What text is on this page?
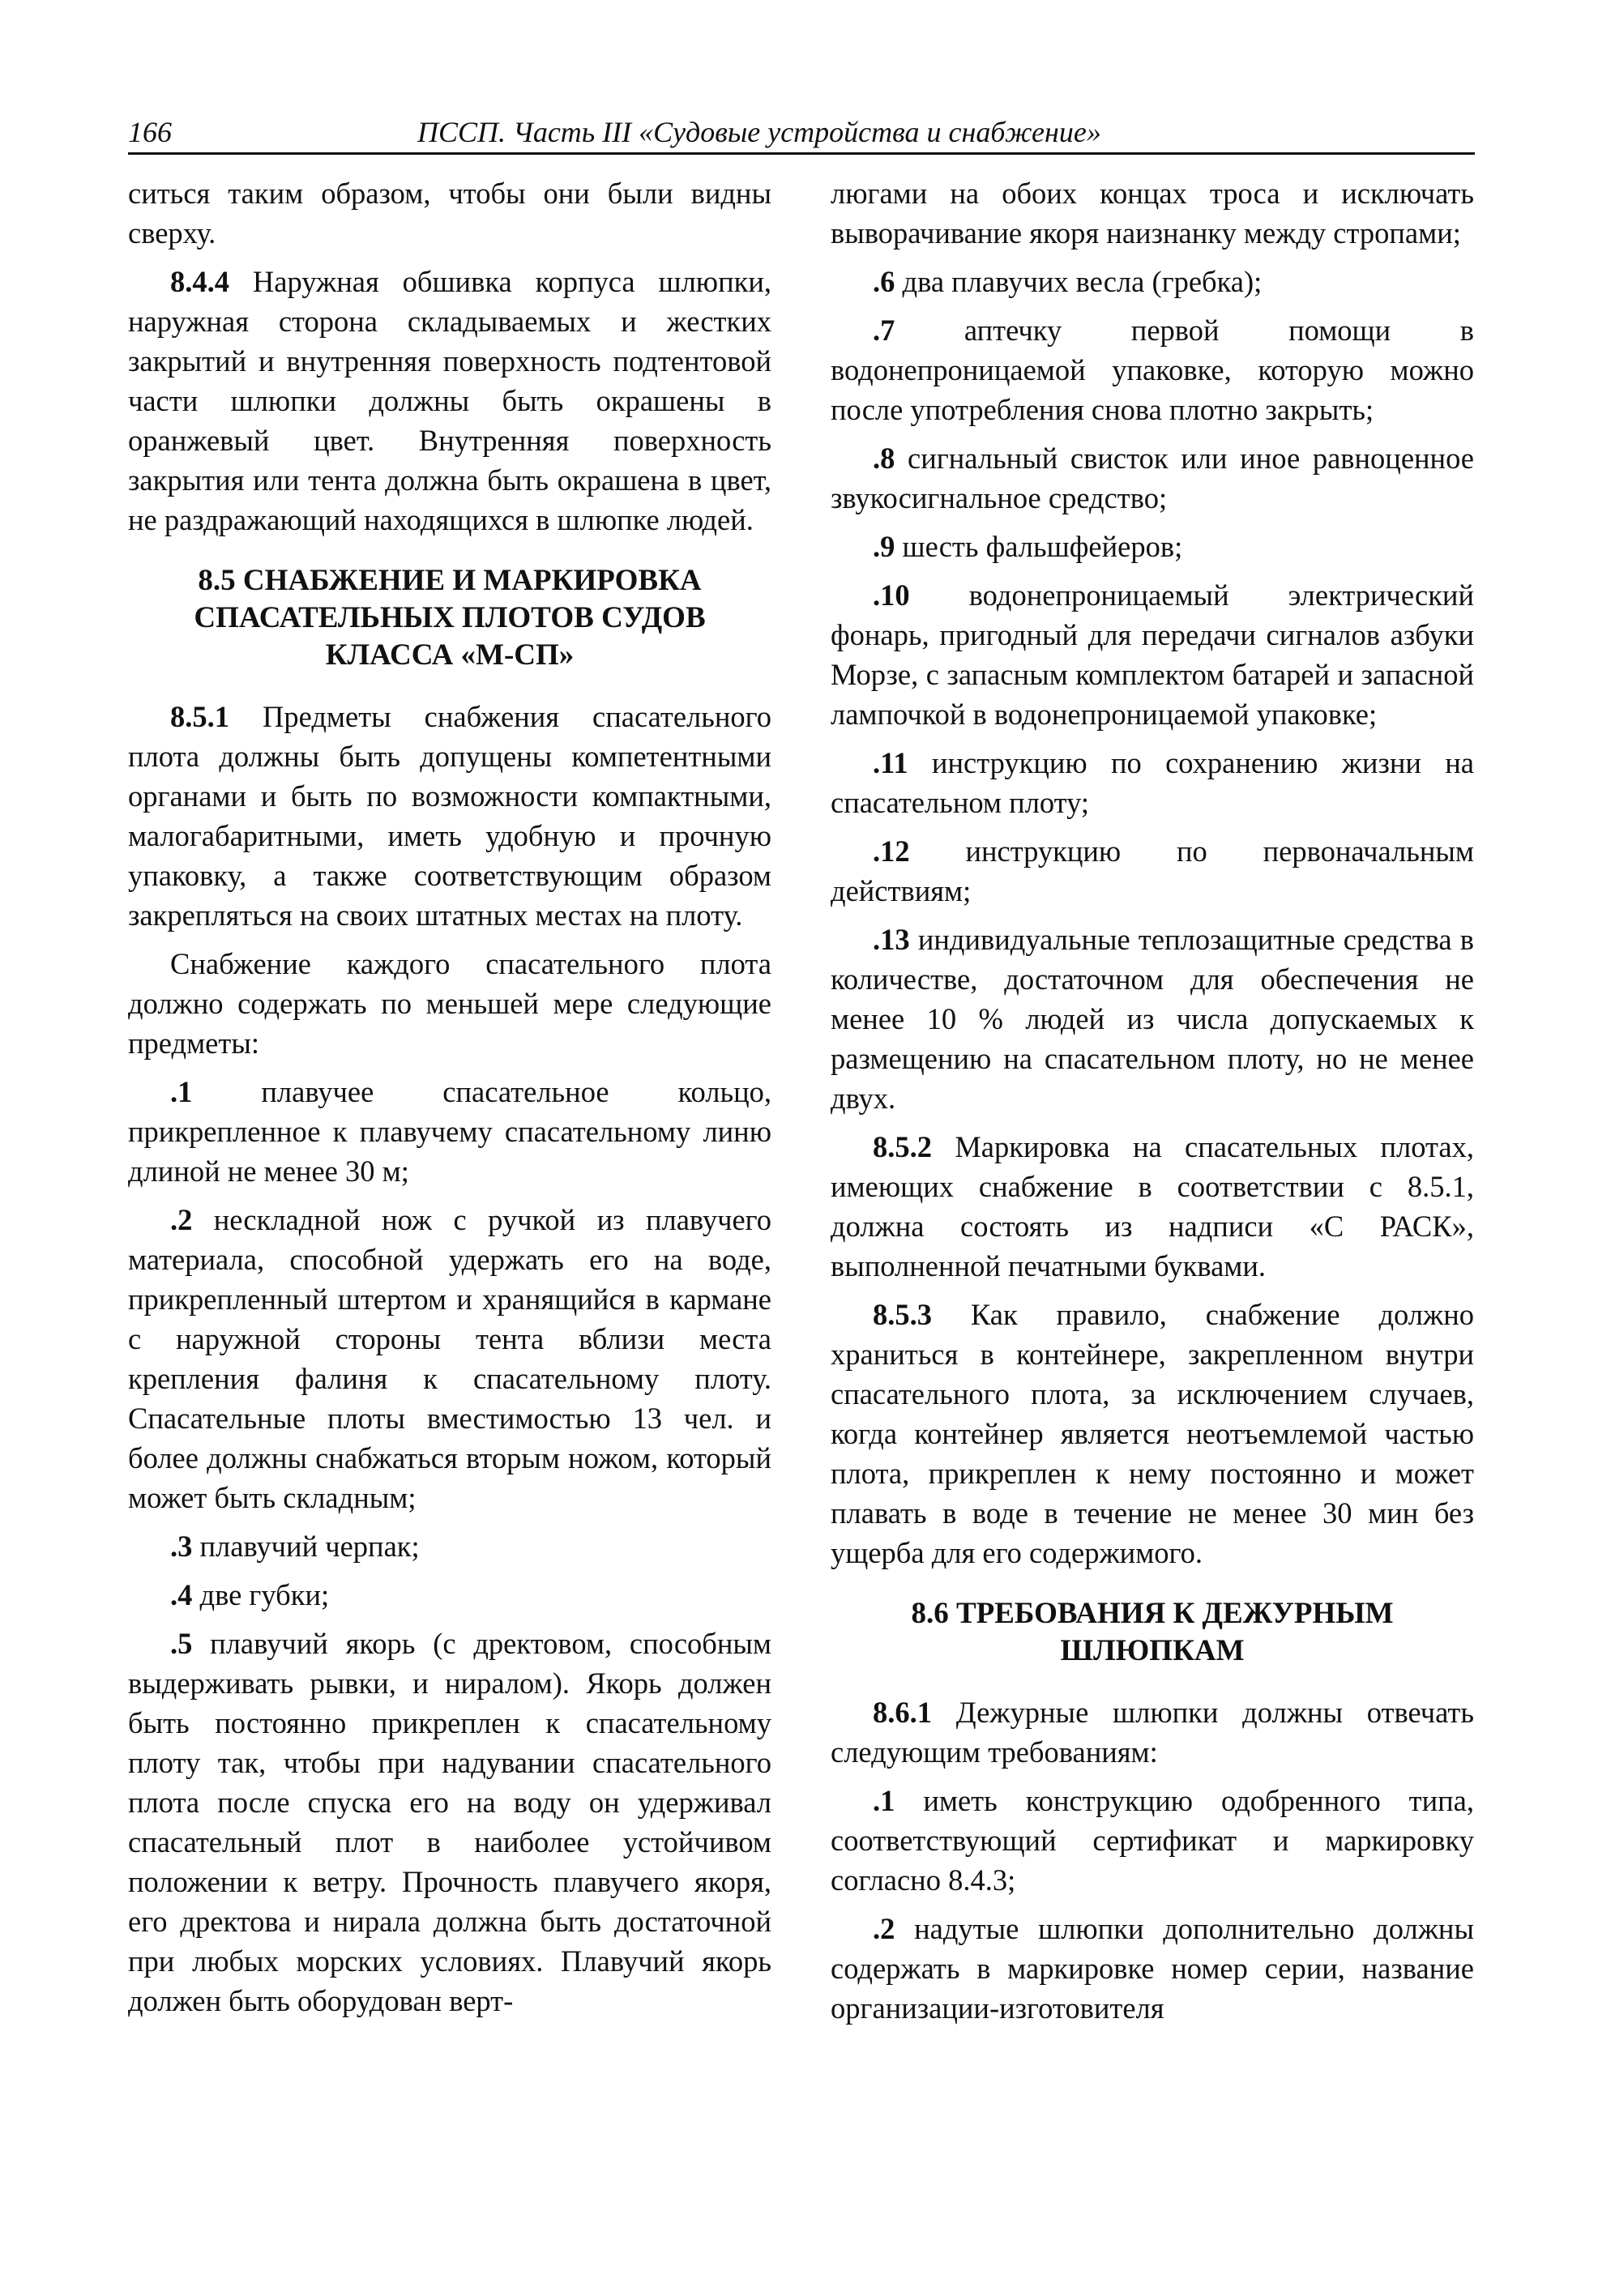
166	ПССП. Часть III «Судовые устройства и снабжение»

ситься таким образом, чтобы они были видны сверху.

8.4.4 Наружная обшивка корпуса шлюпки, наружная сторона складываемых и жестких закрытий и внутренняя поверхность подтентовой части шлюпки должны быть окрашены в оранжевый цвет. Внутренняя поверхность закрытия или тента должна быть окрашена в цвет, не раздражающий находящихся в шлюпке людей.

8.5 СНАБЖЕНИЕ И МАРКИРОВКА
СПАСАТЕЛЬНЫХ ПЛОТОВ СУДОВ
КЛАССА «М-СП»

8.5.1 Предметы снабжения спасательного плота должны быть допущены компетентными органами и быть по возможности компактными, малогабаритными, иметь удобную и прочную упаковку, а также соответствующим образом закрепляться на своих штатных местах на плоту.

Снабжение каждого спасательного плота должно содержать по меньшей мере следующие предметы:

.1 плавучее спасательное кольцо, прикрепленное к плавучему спасательному линю длиной не менее 30 м;

.2 нескладной нож с ручкой из плавучего материала, способной удержать его на воде, прикрепленный штертом и хранящийся в кармане с наружной стороны тента вблизи места крепления фалиня к спасательному плоту. Спасательные плоты вместимостью 13 чел. и более должны снабжаться вторым ножом, который может быть складным;

.3 плавучий черпак;

.4 две губки;

.5 плавучий якорь (с дректовом, способным выдерживать рывки, и ниралом). Якорь должен быть постоянно прикреплен к спасательному плоту так, чтобы при надувании спасательного плота после спуска его на воду он удерживал спасательный плот в наиболее устойчивом положении к ветру. Прочность плавучего якоря, его дректова и нирала должна быть достаточной при любых морских условиях. Плавучий якорь должен быть оборудован верт-

люгами на обоих концах троса и исключать выворачивание якоря наизнанку между стропами;

.6 два плавучих весла (гребка);

.7 аптечку первой помощи в водонепроницаемой упаковке, которую можно после употребления снова плотно закрыть;

.8 сигнальный свисток или иное равноценное звукосигнальное средство;

.9 шесть фальшфейеров;

.10 водонепроницаемый электрический фонарь, пригодный для передачи сигналов азбуки Морзе, с запасным комплектом батарей и запасной лампочкой в водонепроницаемой упаковке;

.11 инструкцию по сохранению жизни на спасательном плоту;

.12 инструкцию по первоначальным действиям;

.13 индивидуальные теплозащитные средства в количестве, достаточном для обеспечения не менее 10 % людей из числа допускаемых к размещению на спасательном плоту, но не менее двух.

8.5.2 Маркировка на спасательных плотах, имеющих снабжение в соответствии с 8.5.1, должна состоять из надписи «С РАСК», выполненной печатными буквами.

8.5.3 Как правило, снабжение должно храниться в контейнере, закрепленном внутри спасательного плота, за исключением случаев, когда контейнер является неотъемлемой частью плота, прикреплен к нему постоянно и может плавать в воде в течение не менее 30 мин без ущерба для его содержимого.

8.6 ТРЕБОВАНИЯ К ДЕЖУРНЫМ
ШЛЮПКАМ

8.6.1 Дежурные шлюпки должны отвечать следующим требованиям:

.1 иметь конструкцию одобренного типа, соответствующий сертификат и маркировку согласно 8.4.3;

.2 надутые шлюпки дополнительно должны содержать в маркировке номер серии, название организации-изготовителя
